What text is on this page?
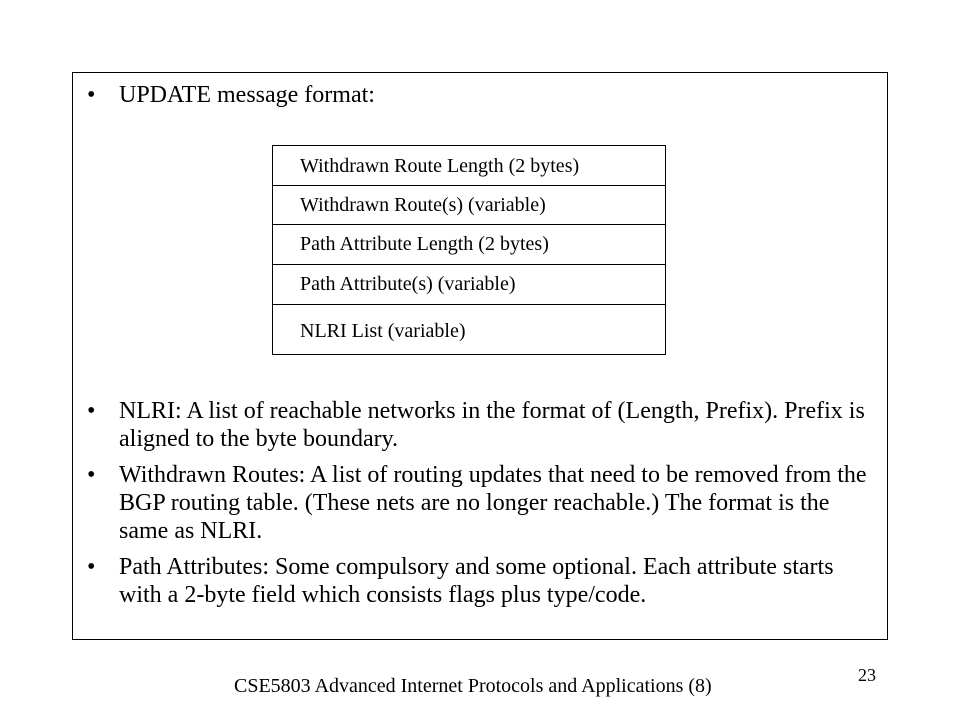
• UPDATE message format:
Withdrawn Route Length (2 bytes)
Withdrawn Route(s) (variable)
Path Attribute Length (2 bytes)
Path Attribute(s) (variable)
NLRI List (variable)
• NLRI: A list of reachable networks in the format of (Length, Prefix). Prefix is aligned to the byte boundary.
• Withdrawn Routes: A list of routing updates that need to be removed from the BGP routing table. (These nets are no longer reachable.) The format is the same as NLRI.
• Path Attributes: Some compulsory and some optional. Each attribute starts with a 2-byte field which consists flags plus type/code.
CSE5803 Advanced Internet Protocols and Applications (8)	23
